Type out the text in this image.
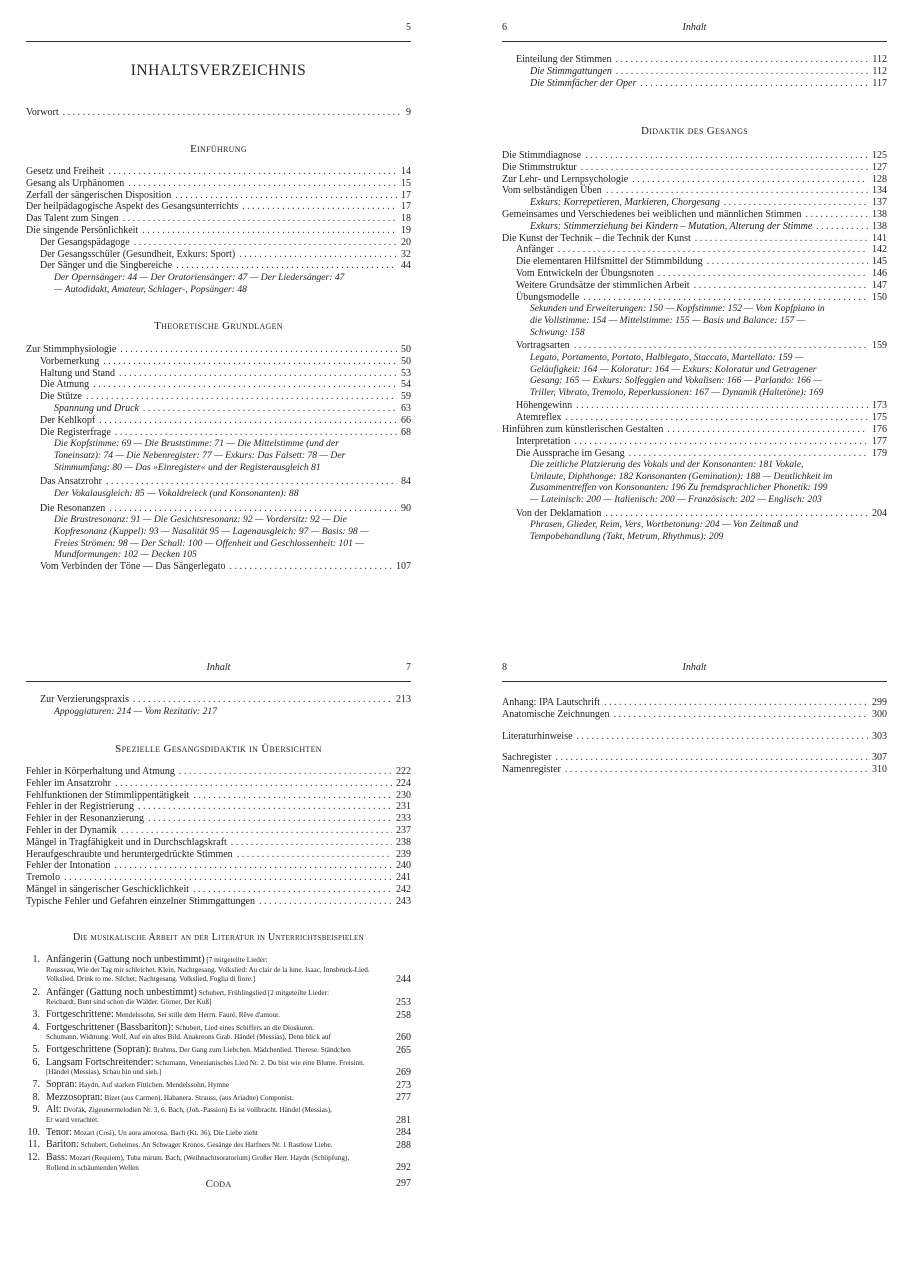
5
INHALTSVERZEICHNIS
Vorwort . . .	9
Einführung
Gesetz und Freiheit . . .	14
Gesang als Urphänomen . . .	15
Zerfall der sängerischen Disposition . . .	17
Der heilpädagogische Aspekt des Gesangsunterrichts . . .	17
Das Talent zum Singen . . .	18
Die singende Persönlichkeit . . .	19
Der Gesangspädagoge . . .	20
Der Gesangsschüler (Gesundheit, Exkurs: Sport) . . .	32
Der Sänger und die Singbereiche . . .	44
Der Opernsänger: 44 — Der Oratoriensänger: 47 — Der Liedersänger: 47 — Autodidakt, Amateur, Schlager-, Popsänger: 48
Theoretische Grundlagen
Zur Stimmphysiologie . . .	50
Vorbemerkung . . .	50
Haltung und Stand . . .	53
Die Atmung . . .	54
Die Stütze . . .	59
Spannung und Druck . . .	63
Der Kehlkopf . . .	66
Die Registerfrage . . .	68
Die Kopfstimme: 69 — Die Bruststimme: 71 — Die Mittelstimme (und der Toneinsatz): 74 — Die Nebenregister: 77 — Exkurs: Das Falsett: 78 — Der Stimmumfang: 80 — Das »Einregister« und der Registerausgleich 81
Das Ansatzrohr . . .	84
Der Vokalausgleich: 85 — Vokaldreieck (und Konsonanten): 88
Die Resonanzen . . .	90
Die Brustresonanz: 91 — Die Gesichtsresonanz: 92 — Vordersitz: 92 — Die Kopfresonanz (Kuppel): 93 — Nasalität 95 — Lagenausgleich: 97 — Basis: 98 — Freies Strömen: 98 — Der Schall: 100 — Offenheit und Geschlossenheit: 101 — Mundformungen: 102 — Decken 105
Vom Verbinden der Töne — Das Sängerlegato . . .	107
6	Inhalt
Einteilung der Stimmen . . .	112
Die Stimmgattungen . . .	112
Die Stimmfächer der Oper . . .	117
Didaktik des Gesangs
Die Stimmdiagnose . . .	125
Die Stimmstruktur . . .	127
Zur Lehr- und Lernpsychologie . . .	128
Vom selbständigen Üben . . .	134
Exkurs: Korrepetieren, Markieren, Chorgesang . . .	137
Gemeinsames und Verschiedenes bei weiblichen und männlichen Stimmen . . .	138
Exkurs: Stimmerziehung bei Kindern – Mutation, Alterung der Stimme . . .	138
Die Kunst der Technik – die Technik der Kunst . . .	141
Anfänger . . .	142
Die elementaren Hilfsmittel der Stimmbildung . . .	145
Vom Entwickeln der Übungsnoten . . .	146
Weitere Grundsätze der stimmlichen Arbeit . . .	147
Übungsmodelle . . .	150
Sekunden und Erweiterungen: 150 — Kopfstimme: 152 — Vom Kopfpiano in die Vollstimme: 154 — Mittelstimme: 155 — Basis und Balance: 157 — Schwung: 158
Vortragsarten . . .	159
Legato, Portamento, Portato, Halblegato, Staccato, Martellato: 159 — Geläufigkeit: 164 — Koloratur: 164 — Exkurs: Koloratur und Getragener Gesang: 165 — Exkurs: Solfeggien und Vokalisen: 166 — Parlando: 166 — Triller, Vibrato, Tremolo, Reperkussionen: 167 — Dynamik (Haltetöne): 169
Höhengewinn . . .	173
Atemreflex . . .	175
Hinführen zum künstlerischen Gestalten . . .	176
Interpretation . . .	177
Die Aussprache im Gesang . . .	179
Die zeitliche Platzierung des Vokals und der Konsonanten: 181 Vokale, Umlaute, Diphthonge: 182 Konsonanten (Gemination): 188 — Deutlichkeit im Zusammentreffen von Konsonanten: 196 Zu fremdsprachlicher Phonetik: 199 — Lateinisch: 200 — Italienisch: 200 — Französisch: 202 — Englisch: 203
Von der Deklamation . . .	204
Phrasen, Glieder, Reim, Vers, Wortbetonung: 204 — Von Zeitmaß und Tempobehandlung (Takt, Metrum, Rhythmus): 209
Inhalt	7
Zur Verzierungspraxis . . .	213
Appoggiaturen: 214 — Vom Rezitativ: 217
Spezielle Gesangsdidaktik in Übersichten
Fehler in Körperhaltung und Atmung . . .	222
Fehler im Ansatzrohr . . .	224
Fehlfunktionen der Stimmlippentätigkeit . . .	230
Fehler in der Registrierung . . .	231
Fehler in der Resonanzierung . . .	233
Fehler in der Dynamik . . .	237
Mängel in Tragfähigkeit und in Durchschlagskraft . . .	238
Heraufgeschraubte und heruntergedrückte Stimmen . . .	239
Fehler der Intonation . . .	240
Tremolo . . .	241
Mängel in sängerischer Geschicklichkeit . . .	242
Typische Fehler und Gefahren einzelner Stimmgattungen . . .	243
Die musikalische Arbeit an der Literatur in Unterrichtsbeispielen
1. Anfängerin (Gattung noch unbestimmt) [7 mitgeteilte Lieder:
Rousseau, Wie der Tag mir schleichet. Klein, Nachtgesang. Volkslied: Au clair de la lune. Isaac, Innsbruck-Lied. Volkslied, Drink to me. Silcher, Nachtgesang. Volkslied, Foglia di fiore.]	244
2. Anfänger (Gattung noch unbestimmt) Schubert, Frühlingslied [2 mitgeteilte Lieder:
Reichardt, Bunt sind schon die Wälder. Görner, Der Kuß]	253
3. Fortgeschrittene: Mendelssohn, Sei stille dem Herrn. Fauré, Rêve d'amour.	258
4. Fortgeschrittener (Bassbariton): Schubert, Lied eines Schiffers an die Dioskuren.
Schumann, Widmung. Wolf, Auf ein altes Bild. Anakreons Grab. Händel (Messias), Denn blick auf	260
5. Fortgeschrittene (Sopran): Brahms, Der Gang zum Liebchen. Mädchenlied. Therese. Ständchen	265
6. Langsam Fortschreitender: Schumann, Venezianisches Lied Nr. 2. Du bist wie eine Blume. Freisinn.
[Händel (Messias), Schau hin und sieh.]	269
7. Sopran: Haydn, Auf starken Fittichen. Mendelssohn, Hymne	273
8. Mezzosopran: Bizet (aus Carmen), Habanera. Strauss, (aus Ariadne) Componist.	277
9. Alt: Dvořák, Zigeunermelodien Nr. 3, 6. Bach, (Joh.-Passion) Es ist vollbracht. Händel (Messias),
Er ward verachtet.	281
10. Tenor: Mozart (Così), Un aura amorosa. Bach (Kt. 36), Die Liebe zieht	284
11. Bariton: Schubert, Geheimes. An Schwager Kronos. Gesänge des Harfners Nr. 1 Rastlose Liebe.	288
12. Bass: Mozart (Requiem), Tuba mirum. Bach, (Weihnachtsoratorium) Großer Herr. Haydn (Schöpfung),
Rollend in schäumenden Wellen	292
Coda	297
8	Inhalt
Anhang: IPA Lautschrift . . .	299
Anatomische Zeichnungen . . .	300
Literaturhinweise . . .	303
Sachregister . . .	307
Namenregister . . .	310
